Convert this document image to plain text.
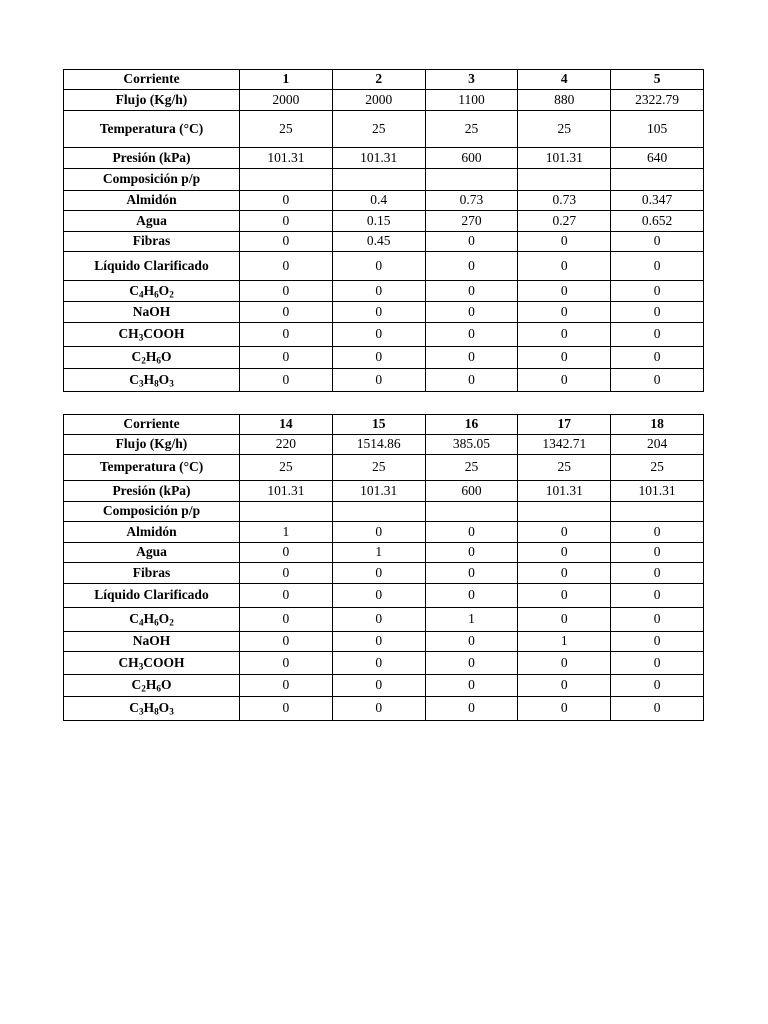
Corriente	1	2	3	4	5
Flujo (Kg/h)	2000	2000	1100	880	2322.79
Temperatura (°C)	25	25	25	25	105
Presión (kPa)	101.31	101.31	600	101.31	640
Composición p/p					
Almidón	0	0.4	0.73	0.73	0.347
Agua	0	0.15	270	0.27	0.652
Fibras	0	0.45	0	0	0
Líquido Clarificado	0	0	0	0	0
$C_4H_6O_2$	0	0	0	0	0
NaOH	0	0	0	0	0
$CH_3COOH$	0	0	0	0	0
$C_2H_6O$	0	0	0	0	0
$C_3H_8O_3$	0	0	0	0	0
Corriente	14	15	16	17	18
Flujo (Kg/h)	220	1514.86	385.05	1342.71	204
Temperatura (°C)	25	25	25	25	25
Presión (kPa)	101.31	101.31	600	101.31	101.31
Composición p/p					
Almidón	1	0	0	0	0
Agua	0	1	0	0	0
Fibras	0	0	0	0	0
Líquido Clarificado	0	0	0	0	0
$C_4H_6O_2$	0	0	1	0	0
NaOH	0	0	0	1	0
$CH_3COOH$	0	0	0	0	0
$C_2H_6O$	0	0	0	0	0
$C_3H_8O_3$	0	0	0	0	0
